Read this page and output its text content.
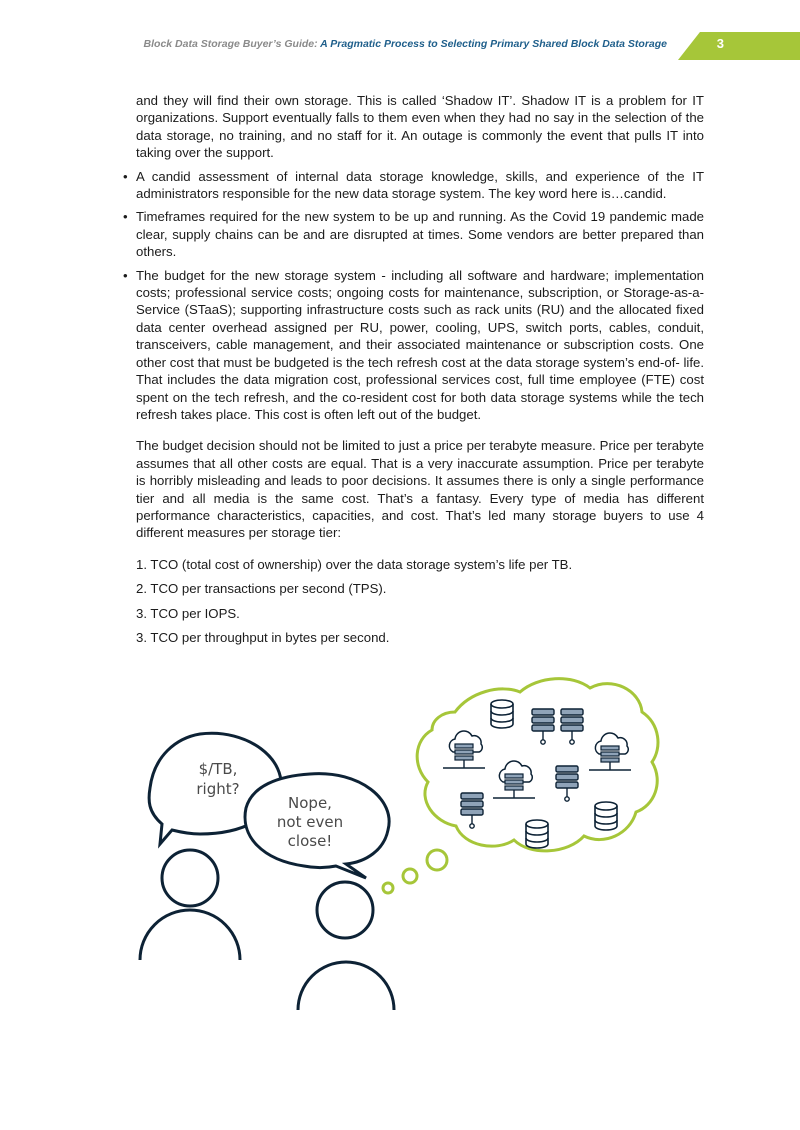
Block Data Storage Buyer’s Guide: A Pragmatic Process to Selecting Primary Shared Block Data Storage	3

and they will find their own storage. This is called ‘Shadow IT’. Shadow IT is a problem for IT organizations. Support eventually falls to them even when they had no say in the selection of the data storage, no training, and no staff for it. An outage is commonly the event that pulls IT into taking over the support.

• A candid assessment of internal data storage knowledge, skills, and experience of the IT administrators responsible for the new data storage system. The key word here is…candid.
• Timeframes required for the new system to be up and running. As the Covid 19 pandemic made clear, supply chains can be and are disrupted at times. Some vendors are better prepared than others.
• The budget for the new storage system - including all software and hardware; implementation costs; professional service costs; ongoing costs for maintenance, subscription, or Storage-as-a-Service (STaaS); supporting infrastructure costs such as rack units (RU) and the allocated fixed data center overhead assigned per RU, power, cooling, UPS, switch ports, cables, conduit, transceivers, cable management, and their associated maintenance or subscription costs. One other cost that must be budgeted is the tech refresh cost at the data storage system’s end-of- life. That includes the data migration cost, professional services cost, full time employee (FTE) cost spent on the tech refresh, and the co-resident cost for both data storage systems while the tech refresh takes place. This cost is often left out of the budget.

The budget decision should not be limited to just a price per terabyte measure. Price per terabyte assumes that all other costs are equal. That is a very inaccurate assumption. Price per terabyte is horribly misleading and leads to poor decisions. It assumes there is only a single performance tier and all media is the same cost. That’s a fantasy. Every type of media has different performance characteristics, capacities, and cost. That’s led many storage buyers to use 4 different measures per storage tier:

1. TCO (total cost of ownership) over the data storage system’s life per TB.
2. TCO per transactions per second (TPS).
3. TCO per IOPS.
3. TCO per throughput in bytes per second.
$/TB,
right?
Nope,
not even
close!
